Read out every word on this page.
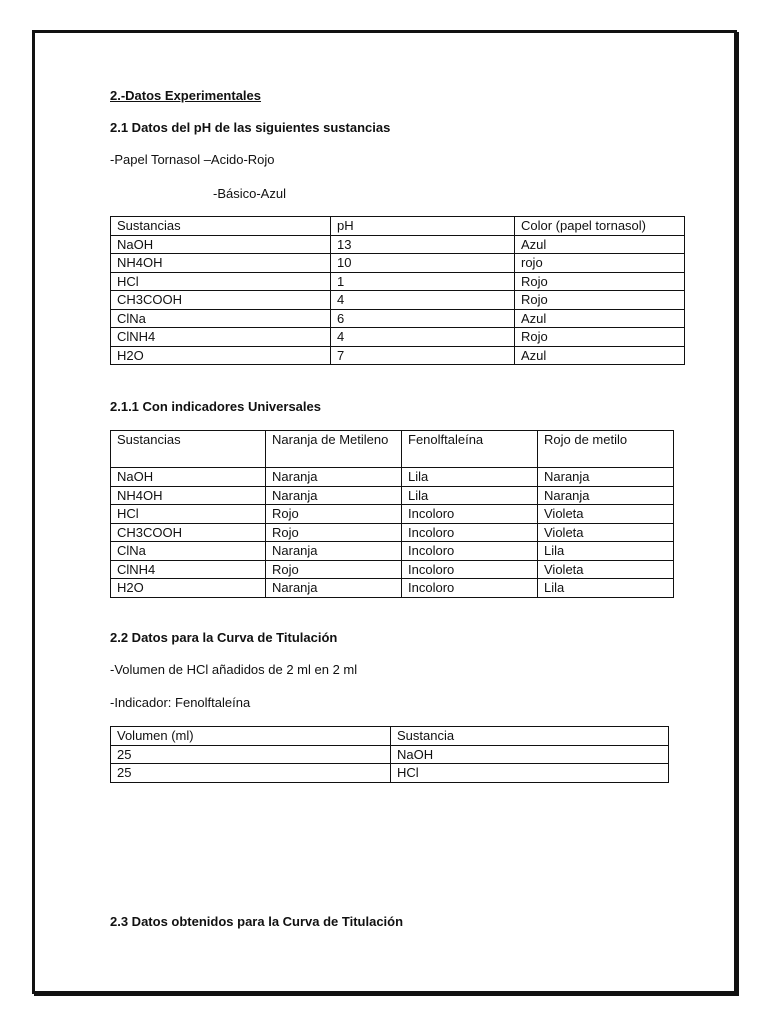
2.-Datos Experimentales
2.1 Datos del pH de las siguientes sustancias
-Papel Tornasol –Acido-Rojo
-Básico-Azul
Sustancias	pH	Color (papel tornasol)
NaOH	13	Azul
NH4OH	10	rojo
HCl	1	Rojo
CH3COOH	4	Rojo
ClNa	6	Azul
ClNH4	4	Rojo
H2O	7	Azul
2.1.1 Con indicadores Universales
Sustancias	Naranja de Metileno	Fenolftaleína	Rojo de metilo
NaOH	Naranja	Lila	Naranja
NH4OH	Naranja	Lila	Naranja
HCl	Rojo	Incoloro	Violeta
CH3COOH	Rojo	Incoloro	Violeta
ClNa	Naranja	Incoloro	Lila
ClNH4	Rojo	Incoloro	Violeta
H2O	Naranja	Incoloro	Lila
2.2 Datos para la Curva de Titulación
-Volumen de HCl añadidos de 2 ml en 2 ml
-Indicador: Fenolftaleína
Volumen (ml)	Sustancia
25	NaOH
25	HCl
2.3 Datos obtenidos para la Curva de Titulación
